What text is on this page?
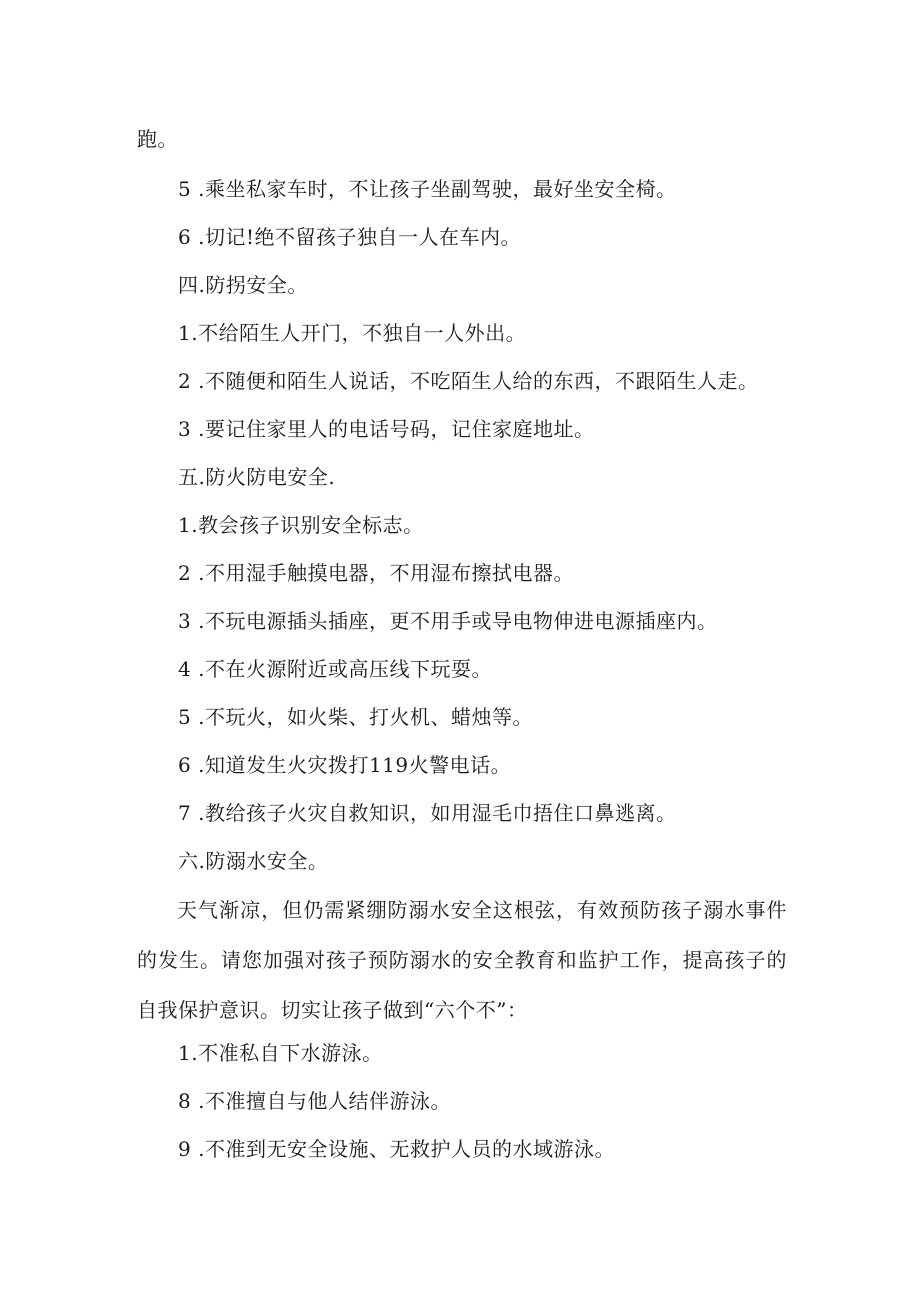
跑。
5 .乘坐私家车时，不让孩子坐副驾驶，最好坐安全椅。
6 .切记!绝不留孩子独自一人在车内。
四.防拐安全。
1.不给陌生人开门，不独自一人外出。
2 .不随便和陌生人说话，不吃陌生人给的东西，不跟陌生人走。
3 .要记住家里人的电话号码，记住家庭地址。
五.防火防电安全.
1.教会孩子识别安全标志。
2 .不用湿手触摸电器，不用湿布擦拭电器。
3 .不玩电源插头插座，更不用手或导电物伸进电源插座内。
4 .不在火源附近或高压线下玩耍。
5 .不玩火，如火柴、打火机、蜡烛等。
6 .知道发生火灾拨打119火警电话。
7 .教给孩子火灾自救知识，如用湿毛巾捂住口鼻逃离。
六.防溺水安全。
天气渐凉，但仍需紧绷防溺水安全这根弦，有效预防孩子溺水事件的发生。请您加强对孩子预防溺水的安全教育和监护工作，提高孩子的自我保护意识。切实让孩子做到“六个不”：
1.不准私自下水游泳。
8 .不准擅自与他人结伴游泳。
9 .不准到无安全设施、无救护人员的水域游泳。
